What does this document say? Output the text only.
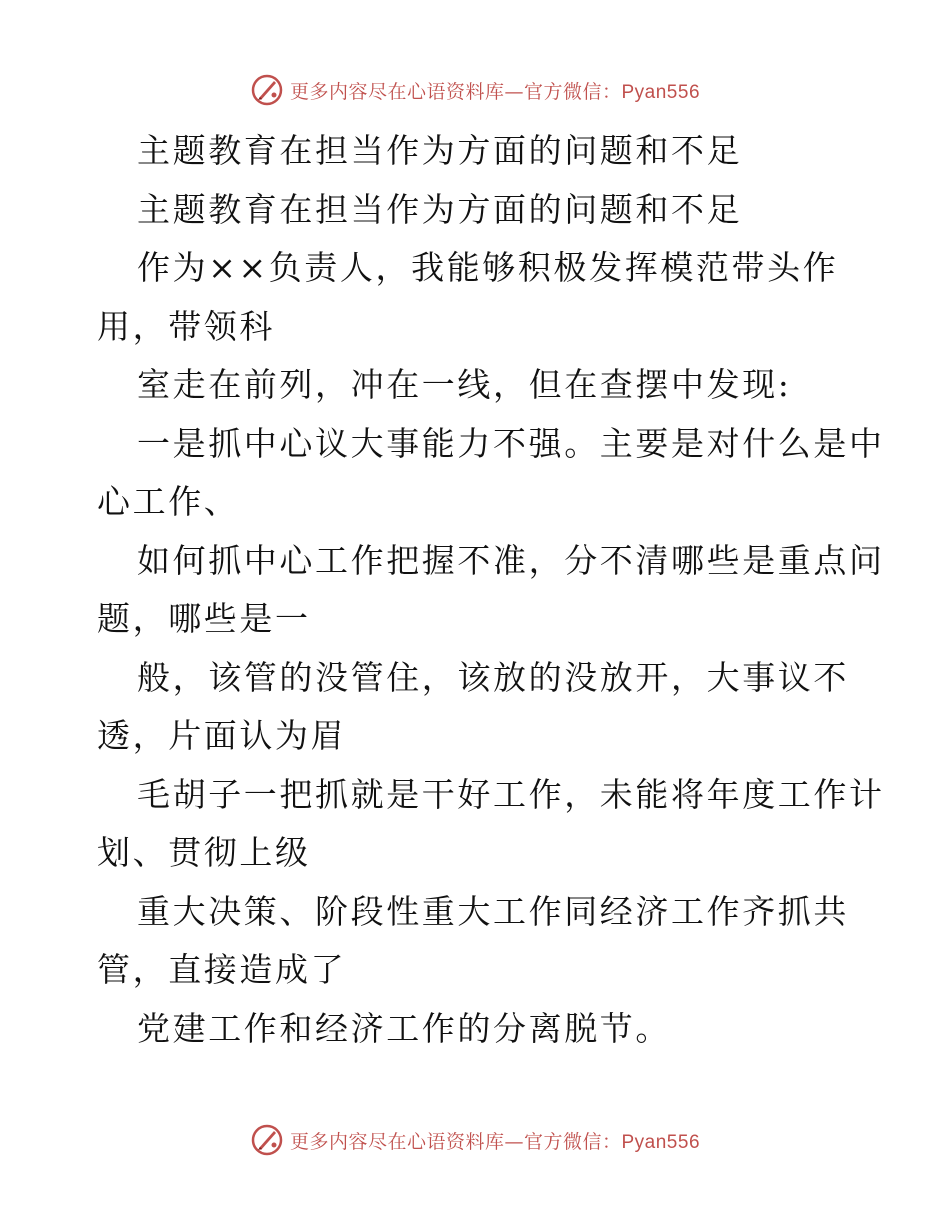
更多内容尽在心语资料库—官方微信：Pyan556

主题教育在担当作为方面的问题和不足

主题教育在担当作为方面的问题和不足

作为××负责人，我能够积极发挥模范带头作

用，带领科

室走在前列，冲在一线，但在查摆中发现:

一是抓中心议大事能力不强。主要是对什么是中

心工作、

如何抓中心工作把握不准，分不清哪些是重点问

题，哪些是一

般，该管的没管住，该放的没放开，大事议不

透，片面认为眉

毛胡子一把抓就是干好工作，未能将年度工作计

划、贯彻上级

重大决策、阶段性重大工作同经济工作齐抓共

管，直接造成了

党建工作和经济工作的分离脱节。

更多内容尽在心语资料库—官方微信：Pyan556
